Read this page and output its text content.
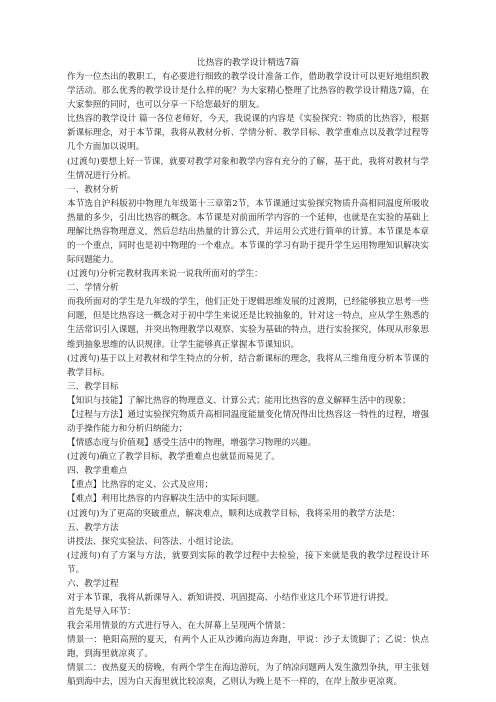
比热容的教学设计精选7篇

作为一位杰出的教职工，有必要进行细致的教学设计准备工作，借助教学设计可以更好地组织教学活动。那么优秀的教学设计是什么样的呢？为大家精心整理了比热容的教学设计精选7篇，在大家参照的同时，也可以分享一下给您最好的朋友。

比热容的教学设计 篇一各位老师好，今天，我说课的内容是《实验探究：物质的比热容》，根据新课标理念，对于本节课，我将从教材分析、学情分析、教学目标、教学重难点以及教学过程等几个方面加以说明。

(过渡句)要想上好一节课，就要对教学对象和教学内容有充分的了解，基于此，我将对教材与学生情况进行分析。

一、教材分析

本节选自沪科版初中物理九年级第十三章第2节，本节课通过实验探究物质升高相同温度所吸收热量的多少，引出比热容的概念。本节课是对前面所学内容的一个延伸，也就是在实验的基础上理解比热容物理意义，然后总结出热量的计算公式，并运用公式进行简单的计算。本节课是本章的一个重点，同时也是初中物理的一个难点。本节课的学习有助于提升学生运用物理知识解决实际问题能力。

(过渡句)分析完教材我再来说一说我所面对的学生：

二、学情分析

而我所面对的学生是九年级的学生，他们正处于逻辑思维发展的过渡期，已经能够独立思考一些问题，但是比热容这一概念对于初中学生来说还是比较抽象的，针对这一特点，应从学生熟悉的生活常识引入课题，并突出物理教学以观察、实验为基础的特点，进行实验探究，体现从形象思维到抽象思维的认识规律。让学生能够真正掌握本节课知识。

(过渡句)基于以上对教材和学生特点的分析，结合新课标的理念，我将从三维角度分析本节课的教学目标。

三、教学目标

【知识与技能】了解比热容的物理意义、计算公式；能用比热容的意义解释生活中的现象；

【过程与方法】通过实验探究物质升高相同温度能量变化情况得出比热容这一特性的过程，增强动手操作能力和分析归纳能力；

【情感态度与价值观】感受生活中的物理，增强学习物理的兴趣。

(过渡句)确立了教学目标，教学重难点也就显而易见了。

四、教学重难点

【重点】比热容的定义、公式及应用；

【难点】利用比热容的内容解决生活中的实际问题。

(过渡句)为了更高的突破重点，解决难点，顺利达成教学目标，我将采用的教学方法是：

五、教学方法

讲授法、探究实验法、问答法、小组讨论法。

(过渡句)有了方案与方法，就要到实际的教学过程中去检验，接下来就是我的教学过程设计环节。

六、教学过程

对于本节课，我将从新课导入、新知讲授、巩固提高、小结作业这几个环节进行讲授。

首先是导入环节：

我会采用情景的方式进行导入，在大屏幕上呈现两个情景：

情景一：艳阳高照的夏天，有两个人正从沙滩向海边奔跑，甲说：沙子太烫脚了；乙说：快点跑，到海里就凉爽了。

情景二：夜热夏天的傍晚，有两个学生在海边游玩，为了纳凉问题两人发生激烈争执，甲主张划船到海中去，因为白天海里就比较凉爽，乙则认为晚上是不一样的，在岸上散步更凉爽。
